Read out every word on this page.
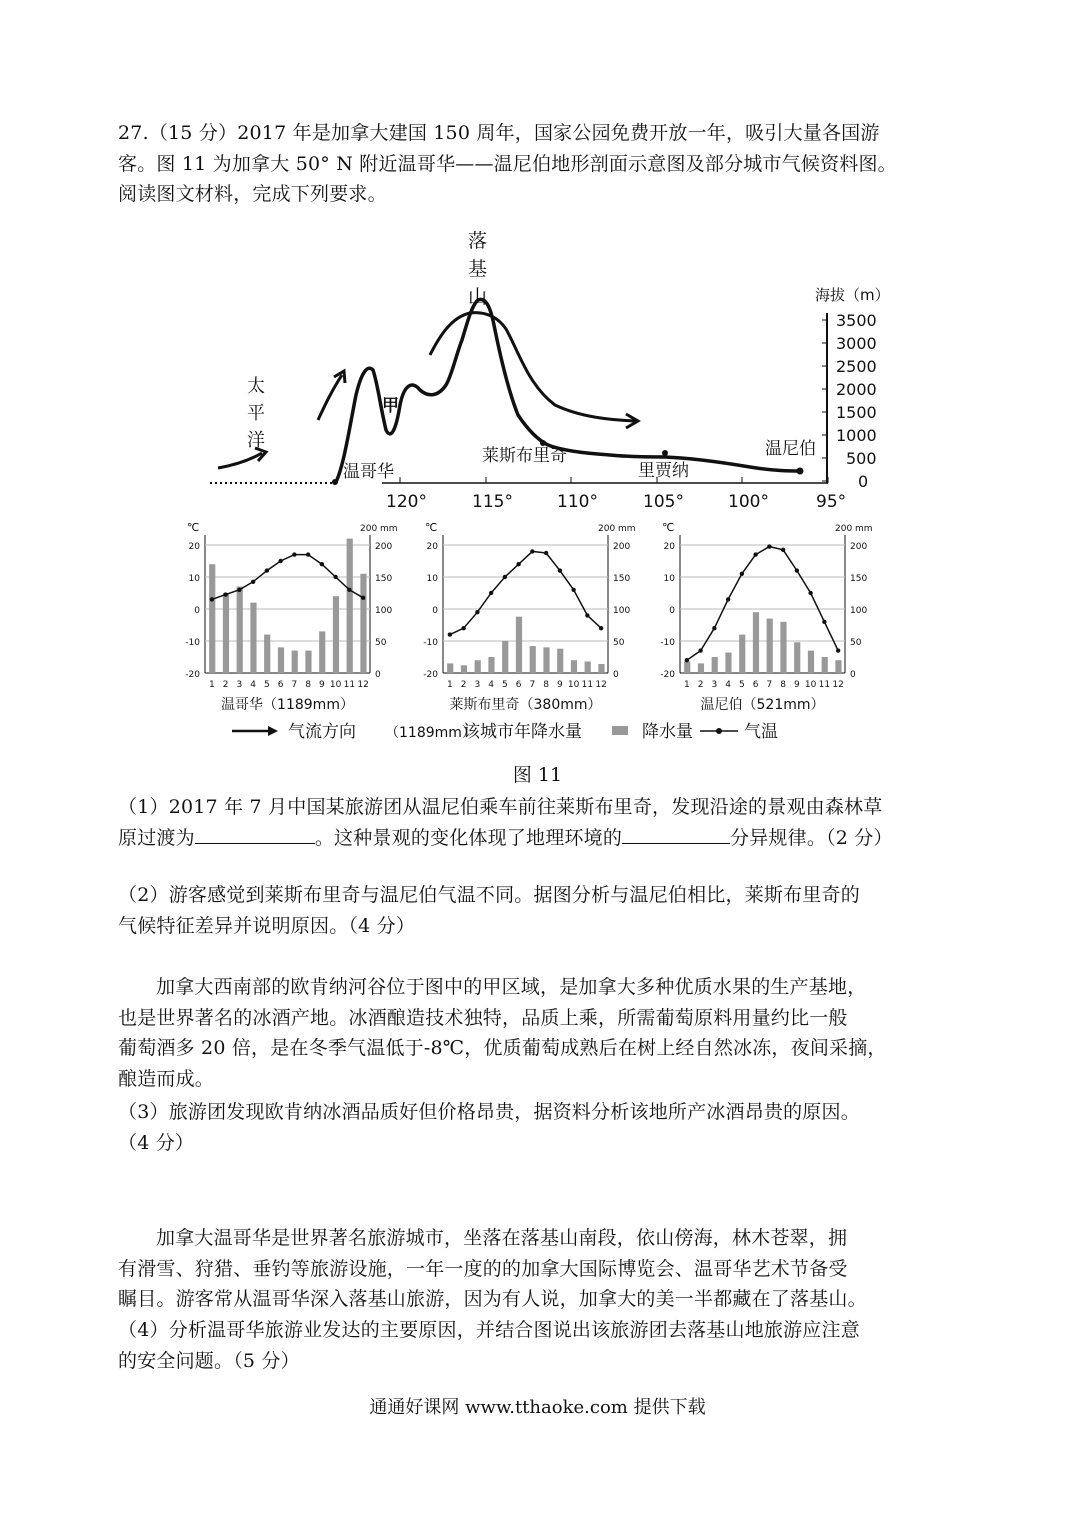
27.（15 分）2017 年是加拿大建国 150 周年，国家公园免费开放一年，吸引大量各国游
客。图 11 为加拿大 50° N 附近温哥华——温尼伯地形剖面示意图及部分城市气候资料图。
阅读图文材料，完成下列要求。
落
基
山
太
平
洋
甲
温哥华
莱斯布里奇
里贾纳
温尼伯
120°	115°	110°	105°	100°	95°
海拔（m）
3500
3000
2500
2000
1500
1000
500
0
℃	200 mm
20
10
0
-10
-20
200
150
100
50
0
1 2 3 4 5 6 7 8 9 10 11 12
温哥华（1189mm）
℃	200 mm
20
10
0
-10
-20
200
150
100
50
0
1 2 3 4 5 6 7 8 9 10 11 12
莱斯布里奇（380mm）
℃	200 mm
20
10
0
-10
-20
200
150
100
50
0
1 2 3 4 5 6 7 8 9 10 11 12
温尼伯（521mm）
气流方向 （1189mm）
该城市年降水量	降水量	气温
图 11
（1）2017 年 7 月中国某旅游团从温尼伯乘车前往莱斯布里奇，发现沿途的景观由森林草
原过渡为	。这种景观的变化体现了地理环境的	分异规律。（2 分）
（2）游客感觉到莱斯布里奇与温尼伯气温不同。据图分析与温尼伯相比，莱斯布里奇的
气候特征差异并说明原因。（4 分）
加拿大西南部的欧肯纳河谷位于图中的甲区域，是加拿大多种优质水果的生产基地，
也是世界著名的冰酒产地。冰酒酿造技术独特，品质上乘，所需葡萄原料用量约比一般
葡萄酒多 20 倍，是在冬季气温低于-8℃，优质葡萄成熟后在树上经自然冰冻，夜间采摘，
酿造而成。
（3）旅游团发现欧肯纳冰酒品质好但价格昂贵，据资料分析该地所产冰酒昂贵的原因。
（4 分）
加拿大温哥华是世界著名旅游城市，坐落在落基山南段，依山傍海，林木苍翠，拥
有滑雪、狩猎、垂钓等旅游设施，一年一度的的加拿大国际博览会、温哥华艺术节备受
瞩目。游客常从温哥华深入落基山旅游，因为有人说，加拿大的美一半都藏在了落基山。
（4）分析温哥华旅游业发达的主要原因，并结合图说出该旅游团去落基山地旅游应注意
的安全问题。（5 分）
通通好课网 www.tthaoke.com 提供下载
